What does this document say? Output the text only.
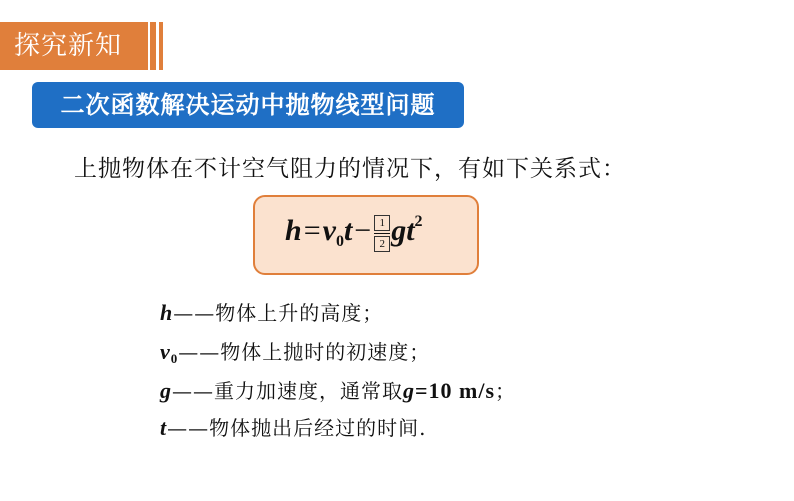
探究新知
二次函数解决运动中抛物线型问题
上抛物体在不计空气阻力的情况下，有如下关系式：
$h=v_0t- \frac{1}{2} gt^2$
h——物体上升的高度；
$v_0——$物体上抛时的初速度；
g——重力加速度，通常取g=10 m/s；
t——物体抛出后经过的时间.
